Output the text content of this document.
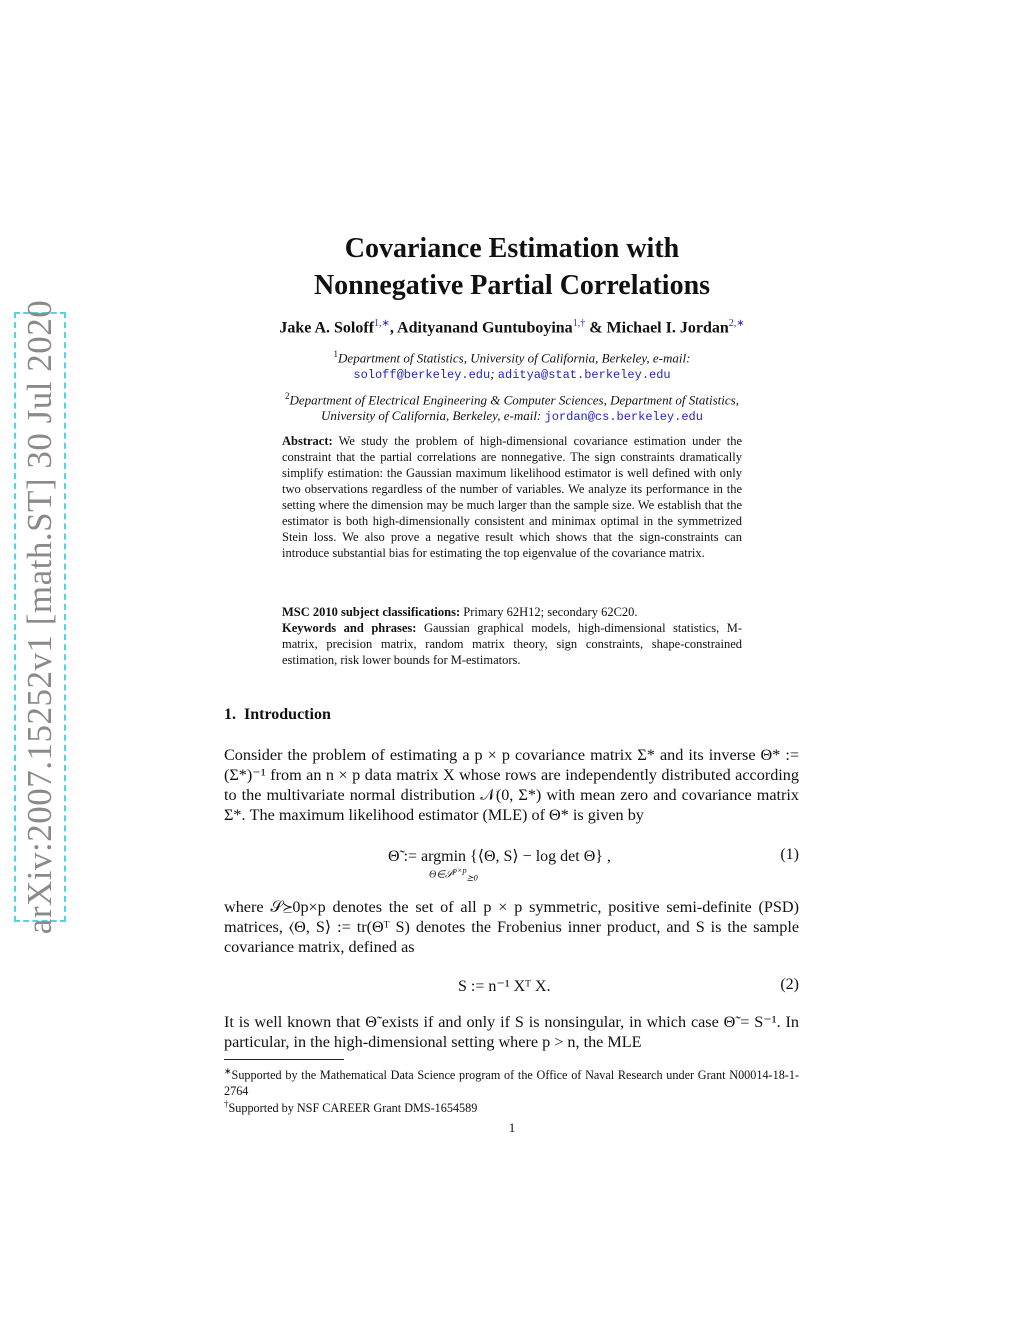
arXiv:2007.15252v1 [math.ST] 30 Jul 2020
Covariance Estimation with
Nonnegative Partial Correlations
Jake A. Soloff$^{1,∗}$, Adityanand Guntuboyina$^{1,\dagger}$ & Michael I. Jordan$^{2,∗}$
$^1$Department of Statistics, University of California, Berkeley, e-mail:
soloff@berkeley.edu; aditya@stat.berkeley.edu
$^2$Department of Electrical Engineering & Computer Sciences, Department of Statistics,
University of California, Berkeley, e-mail: jordan@cs.berkeley.edu
Abstract: We study the problem of high-dimensional covariance estimation under the constraint that the partial correlations are nonnegative. The sign constraints dramatically simplify estimation: the Gaussian maximum likelihood estimator is well defined with only two observations regardless of the number of variables. We analyze its performance in the setting where the dimension may be much larger than the sample size. We establish that the estimator is both high-dimensionally consistent and minimax optimal in the symmetrized Stein loss. We also prove a negative result which shows that the sign-constraints can introduce substantial bias for estimating the top eigenvalue of the covariance matrix.

MSC 2010 subject classifications: Primary 62H12; secondary 62C20.

Keywords and phrases: Gaussian graphical models, high-dimensional statistics, M-matrix, precision matrix, random matrix theory, sign constraints, shape-constrained estimation, risk lower bounds for M-estimators.

1. Introduction

Consider the problem of estimating a p × p covariance matrix Σ* and its inverse Θ* := (Σ*)⁻¹ from an n × p data matrix X whose rows are independently distributed according to the multivariate normal distribution 𝒩(0, Σ*) with mean zero and covariance matrix Σ*. The maximum likelihood estimator (MLE) of Θ* is given by

Θ̃ := argmin {⟨Θ, S⟩ − log det Θ} ,
Θ∈𝒮$^{p\times p}_{⪰0}$
(1)

where 𝒮⪰0p×p denotes the set of all p × p symmetric, positive semi-definite (PSD) matrices, ⟨Θ, S⟩ := tr(Θᵀ S) denotes the Frobenius inner product, and S is the sample covariance matrix, defined as

S := n⁻¹ Xᵀ X.	(2)

It is well known that Θ̃ exists if and only if S is nonsingular, in which case Θ̃ = S⁻¹. In particular, in the high-dimensional setting where p > n, the MLE

∗Supported by the Mathematical Data Science program of the Office of Naval Research under Grant N00014-18-1-2764
†Supported by NSF CAREER Grant DMS-1654589
1
